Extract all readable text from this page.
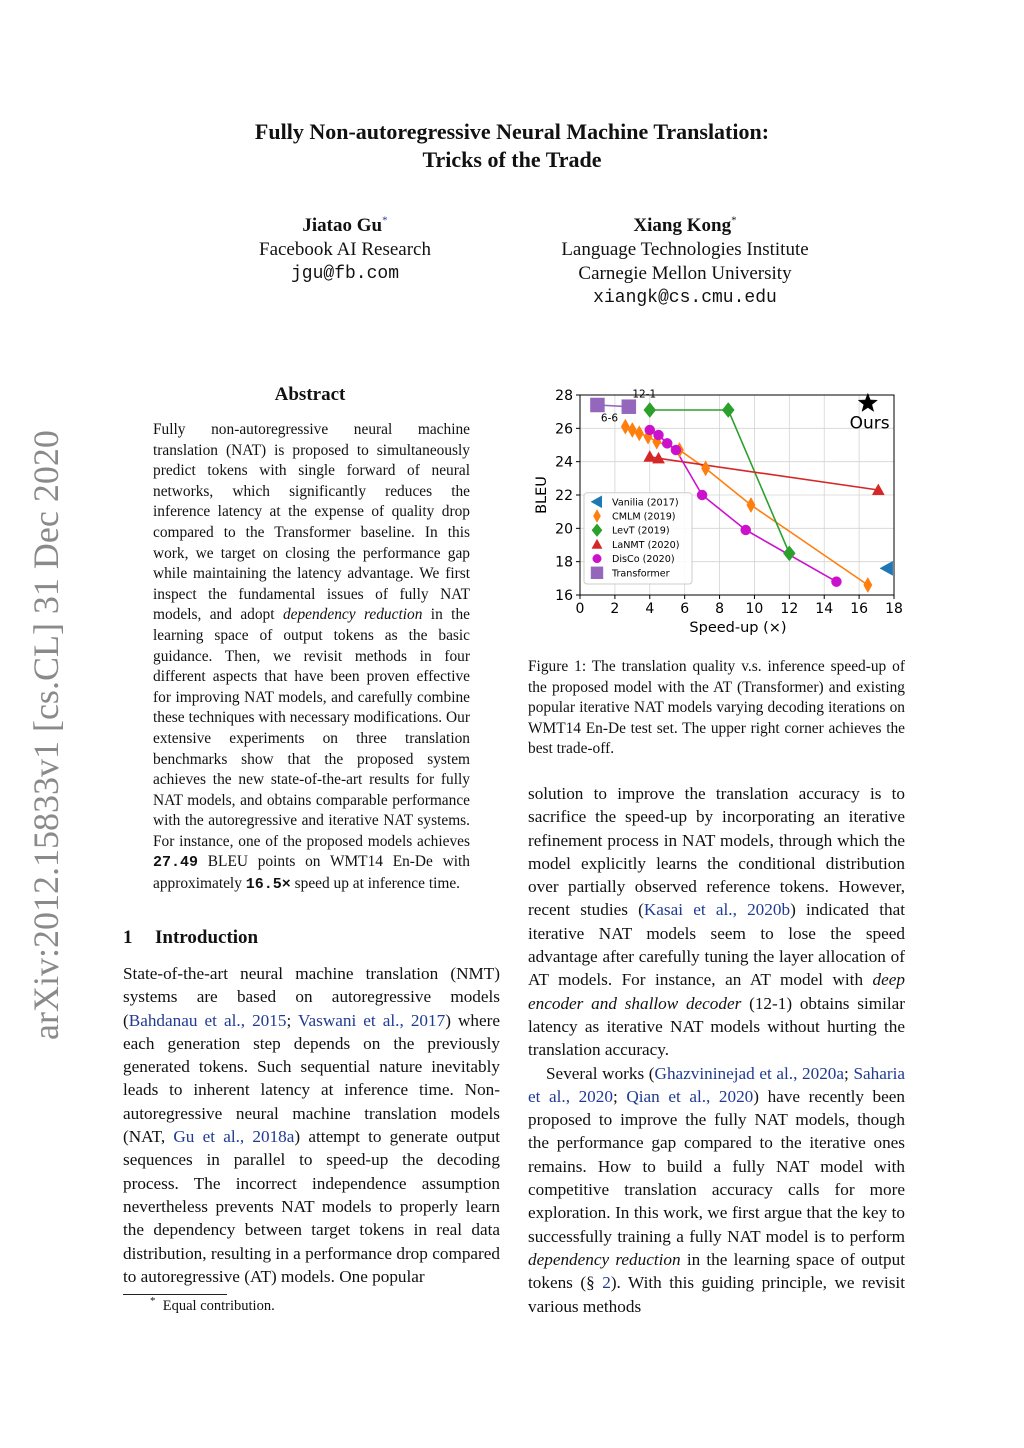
arXiv:2012.15833v1 [cs.CL] 31 Dec 2020
Fully Non-autoregressive Neural Machine Translation:
Tricks of the Trade
Jiatao Gu*
Facebook AI Research
jgu@fb.com
Xiang Kong*
Language Technologies Institute
Carnegie Mellon University
xiangk@cs.cmu.edu
Abstract
Fully non-autoregressive neural machine translation (NAT) is proposed to simultaneously predict tokens with single forward of neural networks, which significantly reduces the inference latency at the expense of quality drop compared to the Transformer baseline. In this work, we target on closing the performance gap while maintaining the latency advantage. We first inspect the fundamental issues of fully NAT models, and adopt dependency reduction in the learning space of output tokens as the basic guidance. Then, we revisit methods in four different aspects that have been proven effective for improving NAT models, and carefully combine these techniques with necessary modifications. Our extensive experiments on three translation benchmarks show that the proposed system achieves the new state-of-the-art results for fully NAT models, and obtains comparable performance with the autoregressive and iterative NAT systems. For instance, one of the proposed models achieves 27.49 BLEU points on WMT14 En-De with approximately 16.5× speed up at inference time.
1 Introduction
State-of-the-art neural machine translation (NMT) systems are based on autoregressive models (Bahdanau et al., 2015; Vaswani et al., 2017) where each generation step depends on the previously generated tokens. Such sequential nature inevitably leads to inherent latency at inference time. Non-autoregressive neural machine translation models (NAT, Gu et al., 2018a) attempt to generate output sequences in parallel to speed-up the decoding process. The incorrect independence assumption nevertheless prevents NAT models to properly learn the dependency between target tokens in real data distribution, resulting in a performance drop compared to autoregressive (AT) models. One popular
* Equal contribution.
0 2 4 6 8 10 12 14 16 18
16
18
20
22
24
26
28
Speed-up (×)
BLEU
Ours
12-1
6-6
Vanilia (2017)
CMLM (2019)
LevT (2019)
LaNMT (2020)
DisCo (2020)
Transformer
Figure 1: The translation quality v.s. inference speed-up of the proposed model with the AT (Transformer) and existing popular iterative NAT models varying decoding iterations on WMT14 En-De test set. The upper right corner achieves the best trade-off.

solution to improve the translation accuracy is to sacrifice the speed-up by incorporating an iterative refinement process in NAT models, through which the model explicitly learns the conditional distribution over partially observed reference tokens. However, recent studies (Kasai et al., 2020b) indicated that iterative NAT models seem to lose the speed advantage after carefully tuning the layer allocation of AT models. For instance, an AT model with deep encoder and shallow decoder (12-1) obtains similar latency as iterative NAT models without hurting the translation accuracy.

Several works (Ghazvininejad et al., 2020a; Saharia et al., 2020; Qian et al., 2020) have recently been proposed to improve the fully NAT models, though the performance gap compared to the iterative ones remains. How to build a fully NAT model with competitive translation accuracy calls for more exploration. In this work, we first argue that the key to successfully training a fully NAT model is to perform dependency reduction in the learning space of output tokens (§ 2). With this guiding principle, we revisit various methods
